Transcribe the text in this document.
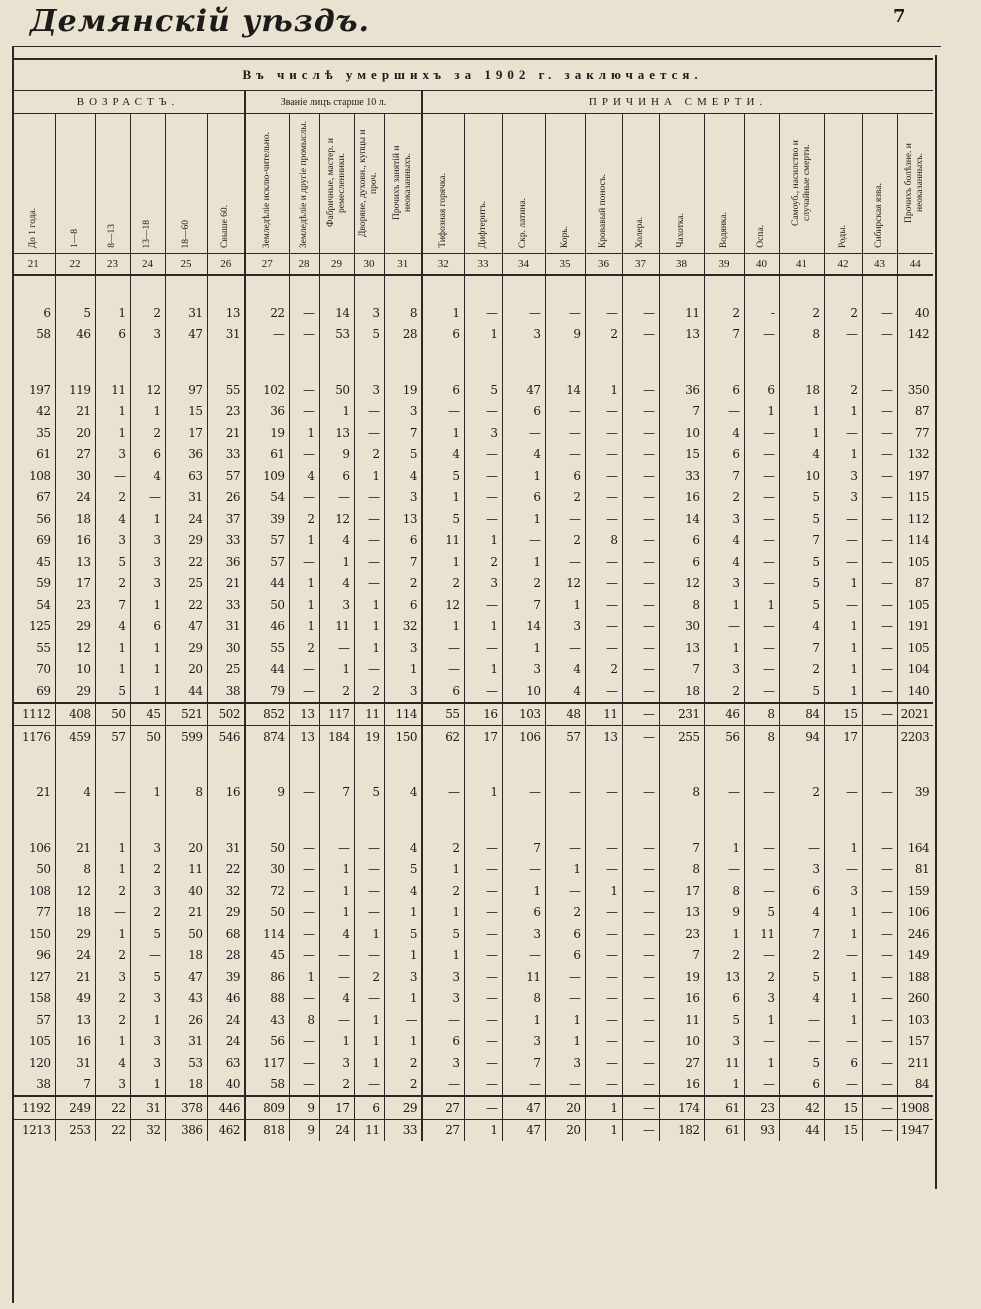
Демянскій уѣздъ.	7
Въ числѣ умершихъ за 1902 г. заключается.																							
ВОЗРАСТЪ.						Званіе лицъ старше 10 л.					ПРИЧИНА СМЕРТИ.												
До 1 года.	1—8	8—13	13—18	18—60	Свыше 60.	Земледѣліе исклю-чительно.	Земледѣліе и другіе промыслы.	Фабричные, мастер. и ремесленники.	Дворяне, духовн., купцы и проч.	Прочихъ занятій и неоказанныхъ.	Тифозная горячка.	Дифтеритъ.	Скр. латина.	Корь.	Кровавый поносъ.	Холера.	Чахотка.	Водянка.	Оспа.	Самоуб., насилство и случайные смерти.	Роды.	Сибирская язва.	Прочихъ болѣзне. и неоказанныхъ.
21	22	23	24	25	26	27	28	29	30	31	32	33	34	35	36	37	38	39	40	41	42	43	44

6	5	1	2	31	13	22	—	14	3	8	1	—	—	—	—	—	11	2	-	2	2	—	40
58	46	6	3	47	31	—	—	53	5	28	6	1	3	9	2	—	13	7	—	8	—	—	142

197	119	11	12	97	55	102	—	50	3	19	6	5	47	14	1	—	36	6	6	18	2	—	350
42	21	1	1	15	23	36	—	1	—	3	—	—	6	—	—	—	7	—	1	1	1	—	87
35	20	1	2	17	21	19	1	13	—	7	1	3	—	—	—	—	10	4	—	1	—	—	77
61	27	3	6	36	33	61	—	9	2	5	4	—	4	—	—	—	15	6	—	4	1	—	132
108	30	—	4	63	57	109	4	6	1	4	5	—	1	6	—	—	33	7	—	10	3	—	197
67	24	2	—	31	26	54	—	—	—	3	1	—	6	2	—	—	16	2	—	5	3	—	115
56	18	4	1	24	37	39	2	12	—	13	5	—	1	—	—	—	14	3	—	5	—	—	112
69	16	3	3	29	33	57	1	4	—	6	11	1	—	2	8	—	6	4	—	7	—	—	114
45	13	5	3	22	36	57	—	1	—	7	1	2	1	—	—	—	6	4	—	5	—	—	105
59	17	2	3	25	21	44	1	4	—	2	2	3	2	12	—	—	12	3	—	5	1	—	87
54	23	7	1	22	33	50	1	3	1	6	12	—	7	1	—	—	8	1	1	5	—	—	105
125	29	4	6	47	31	46	1	11	1	32	1	1	14	3	—	—	30	—	—	4	1	—	191
55	12	1	1	29	30	55	2	—	1	3	—	—	1	—	—	—	13	1	—	7	1	—	105
70	10	1	1	20	25	44	—	1	—	1	—	1	3	4	2	—	7	3	—	2	1	—	104
69	29	5	1	44	38	79	—	2	2	3	6	—	10	4	—	—	18	2	—	5	1	—	140
1112	408	50	45	521	502	852	13	117	11	114	55	16	103	48	11	—	231	46	8	84	15	—	2021
1176	459	57	50	599	546	874	13	184	19	150	62	17	106	57	13	—	255	56	8	94	17		2203

21	4	—	1	8	16	9	—	7	5	4	—	1	—	—	—	—	8	—	—	2	—	—	39

106	21	1	3	20	31	50	—	—	—	4	2	—	7	—	—	—	7	1	—	—	1	—	164
50	8	1	2	11	22	30	—	1	—	5	1	—	—	1	—	—	8	—	—	3	—	—	81
108	12	2	3	40	32	72	—	1	—	4	2	—	1	—	1	—	17	8	—	6	3	—	159
77	18	—	2	21	29	50	—	1	—	1	1	—	6	2	—	—	13	9	5	4	1	—	106
150	29	1	5	50	68	114	—	4	1	5	5	—	3	6	—	—	23	1	11	7	1	—	246
96	24	2	—	18	28	45	—	—	—	1	1	—	—	6	—	—	7	2	—	2	—	—	149
127	21	3	5	47	39	86	1	—	2	3	3	—	11	—	—	—	19	13	2	5	1	—	188
158	49	2	3	43	46	88	—	4	—	1	3	—	8	—	—	—	16	6	3	4	1	—	260
57	13	2	1	26	24	43	8	—	1	—	—	—	1	1	—	—	11	5	1	—	1	—	103
105	16	1	3	31	24	56	—	1	1	1	6	—	3	1	—	—	10	3	—	—	—	—	157
120	31	4	3	53	63	117	—	3	1	2	3	—	7	3	—	—	27	11	1	5	6	—	211
38	7	3	1	18	40	58	—	2	—	2	—	—	—	—	—	—	16	1	—	6	—	—	84
1192	249	22	31	378	446	809	9	17	6	29	27	—	47	20	1	—	174	61	23	42	15	—	1908
1213	253	22	32	386	462	818	9	24	11	33	27	1	47	20	1	—	182	61	93	44	15	—	1947
